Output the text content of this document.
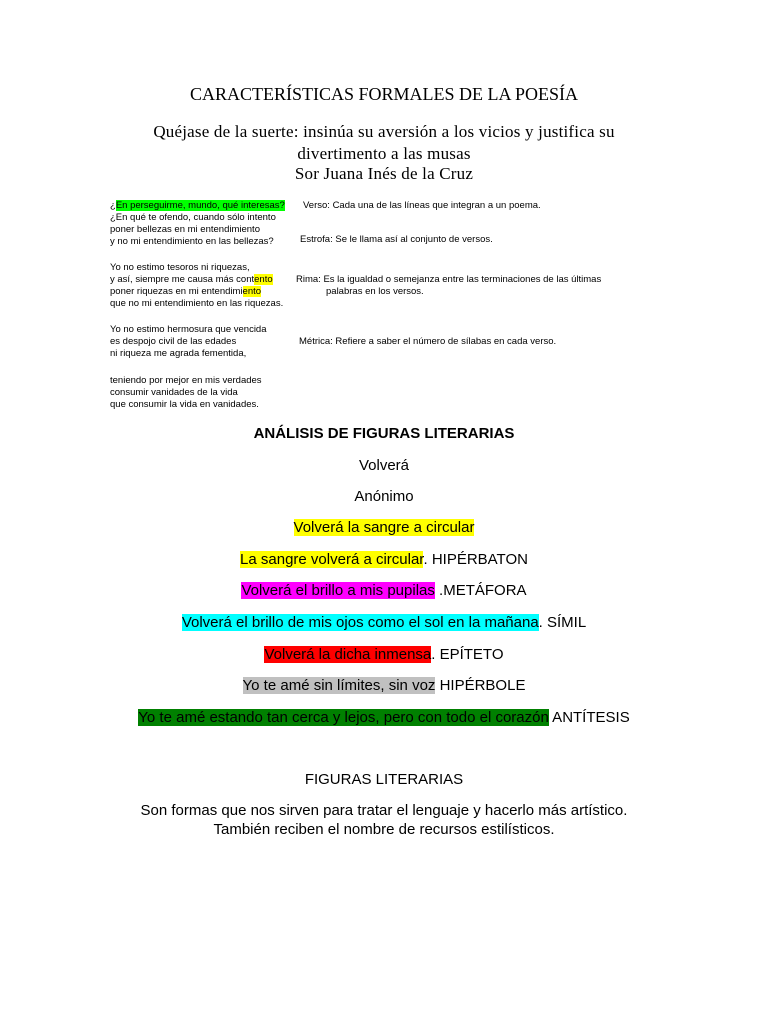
CARACTERÍSTICAS FORMALES DE LA POESÍA
Quéjase de la suerte: insinúa su aversión a los vicios y justifica su
divertimento a las musas
Sor Juana Inés de la Cruz
¿En perseguirme, mundo, qué interesas?
¿En qué te ofendo, cuando sólo intento
poner bellezas en mi entendimiento
y no mi entendimiento en las bellezas?
Verso: Cada una de las líneas que integran a un poema.
Estrofa: Se le llama así al conjunto de versos.
Yo no estimo tesoros ni riquezas,
y así, siempre me causa más contento
poner riquezas en mi entendimiento
que no mi entendimiento en las riquezas.
Rima: Es la igualdad o semejanza entre las terminaciones de las últimas
palabras en los versos.
Yo no estimo hermosura que vencida
es despojo civil de las edades
ni riqueza me agrada fementida,
Métrica: Refiere a saber el número de sílabas en cada verso.
teniendo por mejor en mis verdades
consumir vanidades de la vida
que consumir la vida en vanidades.
ANÁLISIS DE FIGURAS LITERARIAS
Volverá
Anónimo
Volverá la sangre a circular
La sangre volverá a circular. HIPÉRBATON
Volverá el brillo a mis pupilas .METÁFORA
Volverá el brillo de mis ojos como el sol en la mañana. SÍMIL
Volverá la dicha inmensa. EPÍTETO
Yo te amé sin límites, sin voz HIPÉRBOLE
Yo te amé estando tan cerca y lejos, pero con todo el corazón ANTÍTESIS
FIGURAS LITERARIAS
Son formas que nos sirven para tratar el lenguaje y hacerlo más artístico.
También reciben el nombre de recursos estilísticos.
